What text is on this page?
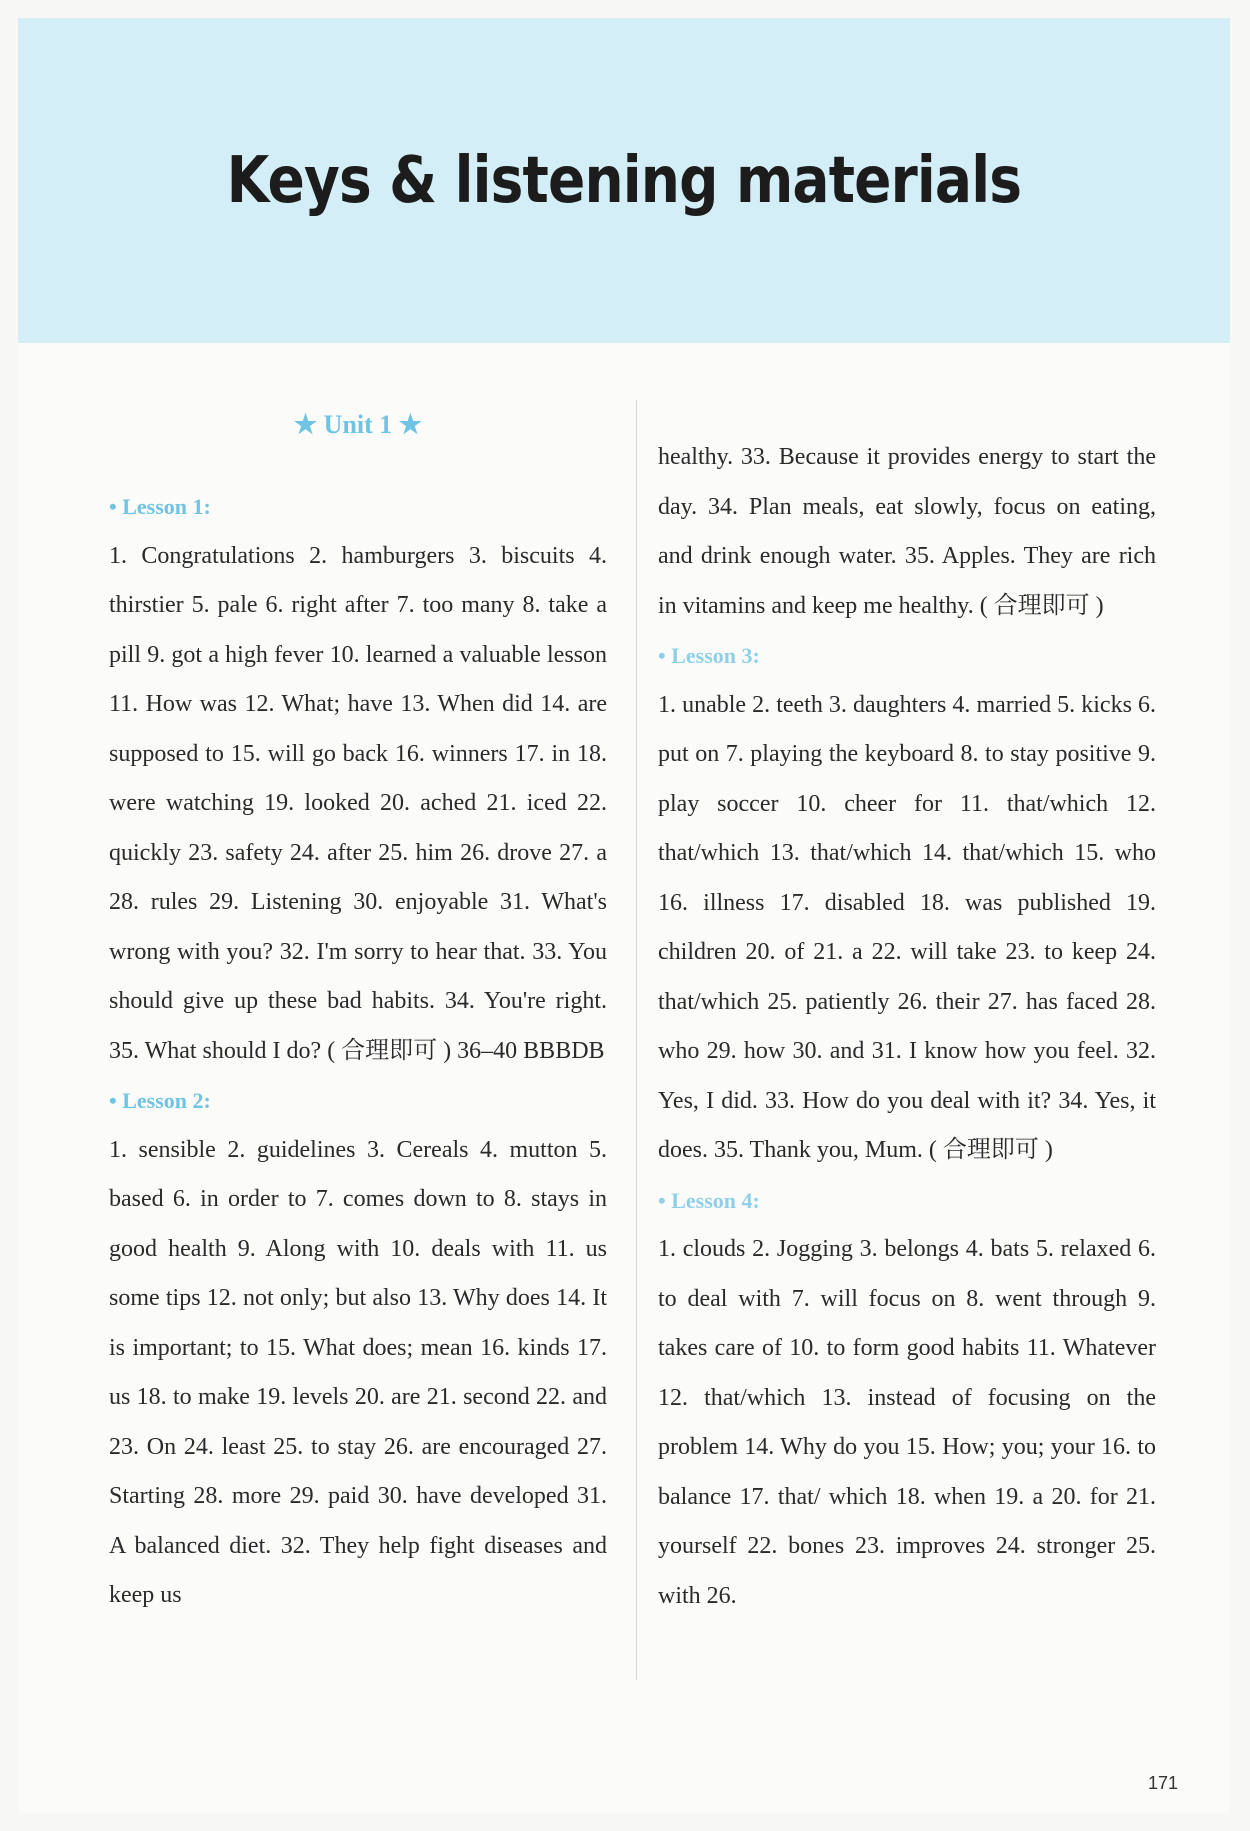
Keys & listening materials
★ Unit 1 ★
• Lesson 1:
1. Congratulations 2. hamburgers 3. biscuits 4. thirstier 5. pale 6. right after 7. too many 8. take a pill 9. got a high fever 10. learned a valuable lesson 11. How was 12. What; have 13. When did 14. are supposed to 15. will go back 16. winners 17. in 18. were watching 19. looked 20. ached 21. iced 22. quickly 23. safety 24. after 25. him 26. drove 27. a 28. rules 29. Listening 30. enjoyable 31. What's wrong with you? 32. I'm sorry to hear that. 33. You should give up these bad habits. 34. You're right. 35. What should I do? ( 合理即可 ) 36–40 BBBDB
• Lesson 2:
1. sensible 2. guidelines 3. Cereals 4. mutton 5. based 6. in order to 7. comes down to 8. stays in good health 9. Along with 10. deals with 11. us some tips 12. not only; but also 13. Why does 14. It is important; to 15. What does; mean 16. kinds 17. us 18. to make 19. levels 20. are 21. second 22. and 23. On 24. least 25. to stay 26. are encouraged 27. Starting 28. more 29. paid 30. have developed 31. A balanced diet. 32. They help fight diseases and keep us
healthy. 33. Because it provides energy to start the day. 34. Plan meals, eat slowly, focus on eating, and drink enough water. 35. Apples. They are rich in vitamins and keep me healthy. ( 合理即可 )
• Lesson 3:
1. unable 2. teeth 3. daughters 4. married 5. kicks 6. put on 7. playing the keyboard 8. to stay positive 9. play soccer 10. cheer for 11. that/which 12. that/which 13. that/which 14. that/which 15. who 16. illness 17. disabled 18. was published 19. children 20. of 21. a 22. will take 23. to keep 24. that/which 25. patiently 26. their 27. has faced 28. who 29. how 30. and 31. I know how you feel. 32. Yes, I did. 33. How do you deal with it? 34. Yes, it does. 35. Thank you, Mum. ( 合理即可 )
• Lesson 4:
1. clouds 2. Jogging 3. belongs 4. bats 5. relaxed 6. to deal with 7. will focus on 8. went through 9. takes care of 10. to form good habits 11. Whatever 12. that/which 13. instead of focusing on the problem 14. Why do you 15. How; you; your 16. to balance 17. that/ which 18. when 19. a 20. for 21. yourself 22. bones 23. improves 24. stronger 25. with 26.
171
